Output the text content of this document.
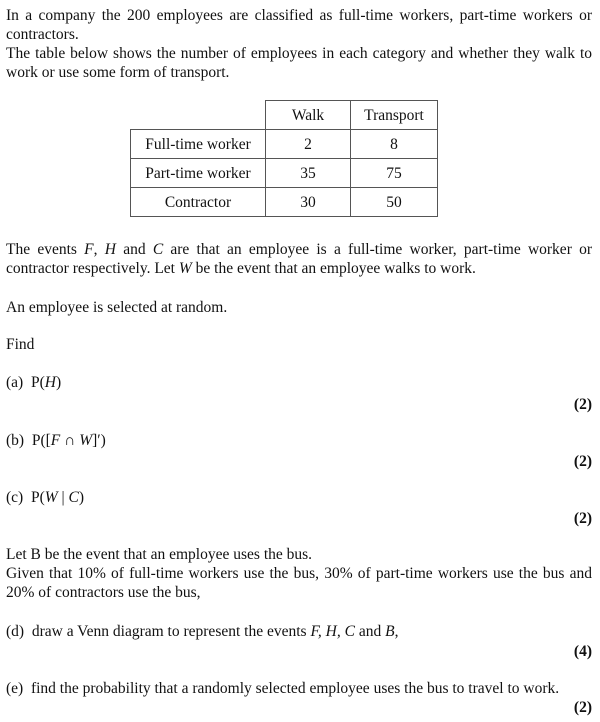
In a company the 200 employees are classified as full-time workers, part-time workers or contractors.
The table below shows the number of employees in each category and whether they walk to work or use some form of transport.
	Walk	Transport
Full-time worker	2	8
Part-time worker	35	75
Contractor	30	50
The events F, H and C are that an employee is a full-time worker, part-time worker or contractor respectively. Let W be the event that an employee walks to work.
An employee is selected at random.
Find
(a) P(H)
(2)
(b) P([F ∩ W]′)
(2)
(c) P(W | C)
(2)
Let B be the event that an employee uses the bus.
Given that 10% of full-time workers use the bus, 30% of part-time workers use the bus and 20% of contractors use the bus,
(d) draw a Venn diagram to represent the events F, H, C and B,
(4)
(e) find the probability that a randomly selected employee uses the bus to travel to work.
(2)
